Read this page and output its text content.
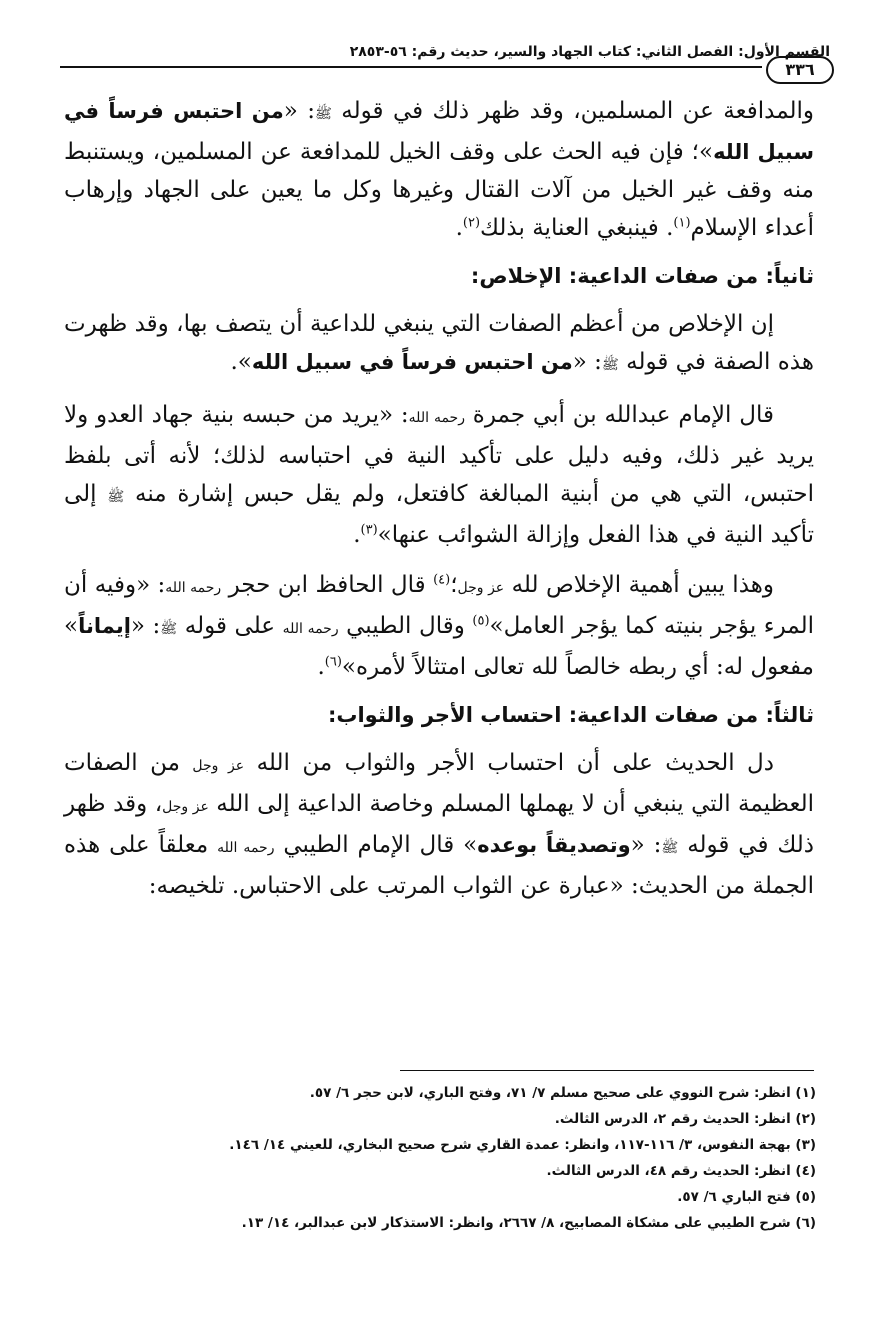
القسم الأول: الفصل الثاني: كتاب الجهاد والسير، حديث رقم: ٥٦-٢٨٥٣
٣٣٦

والمدافعة عن المسلمين، وقد ظهر ذلك في قوله ﷺ: «من احتبس فرساً في سبيل الله»؛ فإن فيه الحث على وقف الخيل للمدافعة عن المسلمين، ويستنبط منه وقف غير الخيل من آلات القتال وغيرها وكل ما يعين على الجهاد وإرهاب أعداء الإسلام$^{(١)}$. فينبغي العناية بذلك$^{(٢)}$.

ثانياً: من صفات الداعية: الإخلاص:

إن الإخلاص من أعظم الصفات التي ينبغي للداعية أن يتصف بها، وقد ظهرت هذه الصفة في قوله ﷺ: «من احتبس فرساً في سبيل الله».

قال الإمام عبدالله بن أبي جمرة رحمه الله: «يريد من حبسه بنية جهاد العدو ولا يريد غير ذلك، وفيه دليل على تأكيد النية في احتباسه لذلك؛ لأنه أتى بلفظ احتبس، التي هي من أبنية المبالغة كافتعل، ولم يقل حبس إشارة منه ﷺ إلى تأكيد النية في هذا الفعل وإزالة الشوائب عنها»$^{(٣)}$.

وهذا يبين أهمية الإخلاص لله عز وجل؛$^{(٤)}$ قال الحافظ ابن حجر رحمه الله: «وفيه أن المرء يؤجر بنيته كما يؤجر العامل»$^{(٥)}$ وقال الطيبي رحمه الله على قوله ﷺ: «إيماناً» مفعول له: أي ربطه خالصاً لله تعالى امتثالاً لأمره»$^{(٦)}$.

ثالثاً: من صفات الداعية: احتساب الأجر والثواب:

دل الحديث على أن احتساب الأجر والثواب من الله عز وجل من الصفات العظيمة التي ينبغي أن لا يهملها المسلم وخاصة الداعية إلى الله عز وجل، وقد ظهر ذلك في قوله ﷺ: «وتصديقاً بوعده» قال الإمام الطيبي رحمه الله معلقاً على هذه الجملة من الحديث: «عبارة عن الثواب المرتب على الاحتباس. تلخيصه:

(١) انظر: شرح النووي على صحيح مسلم ٧/ ٧١، وفتح الباري، لابن حجر ٦/ ٥٧.
(٢) انظر: الحديث رقم ٢، الدرس الثالث.
(٣) بهجة النفوس، ٣/ ١١٦-١١٧، وانظر: عمدة القاري شرح صحيح البخاري، للعيني ١٤/ ١٤٦.
(٤) انظر: الحديث رقم ٤٨، الدرس الثالث.
(٥) فتح الباري ٦/ ٥٧.
(٦) شرح الطيبي على مشكاة المصابيح، ٨/ ٢٦٦٧، وانظر: الاستذكار لابن عبدالبر، ١٤/ ١٣.
